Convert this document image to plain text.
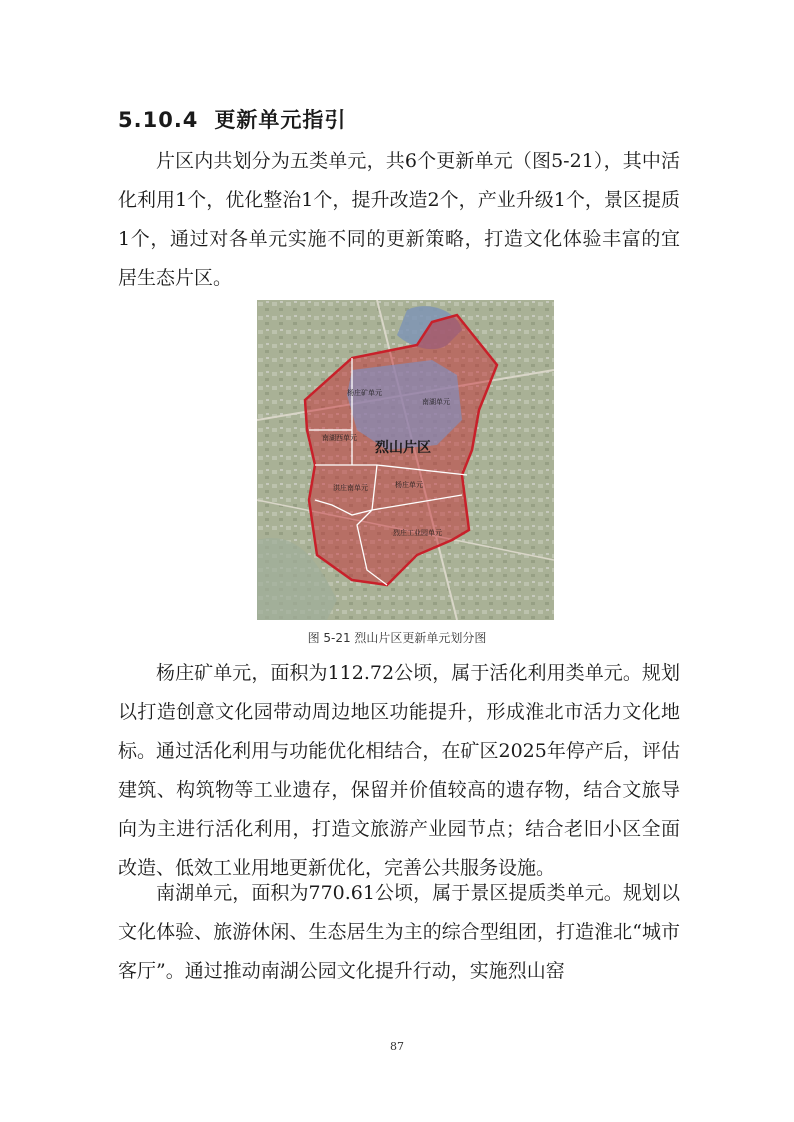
5.10.4 更新单元指引

片区内共划分为五类单元，共6个更新单元（图5-21），其中活化利用1个，优化整治1个，提升改造2个，产业升级1个，景区提质1个，通过对各单元实施不同的更新策略，打造文化体验丰富的宜居生态片区。

杨庄矿单元
南湖单元
南湖西单元
烈山片区
洪庄南单元	杨庄单元
烈庄工业园单元
图 5-21 烈山片区更新单元划分图

杨庄矿单元，面积为112.72公顷，属于活化利用类单元。规划以打造创意文化园带动周边地区功能提升，形成淮北市活力文化地标。通过活化利用与功能优化相结合，在矿区2025年停产后，评估建筑、构筑物等工业遗存，保留并价值较高的遗存物，结合文旅导向为主进行活化利用，打造文旅游产业园节点；结合老旧小区全面改造、低效工业用地更新优化，完善公共服务设施。

南湖单元，面积为770.61公顷，属于景区提质类单元。规划以文化体验、旅游休闲、生态居生为主的综合型组团，打造淮北“城市客厅”。通过推动南湖公园文化提升行动，实施烈山窑

87
